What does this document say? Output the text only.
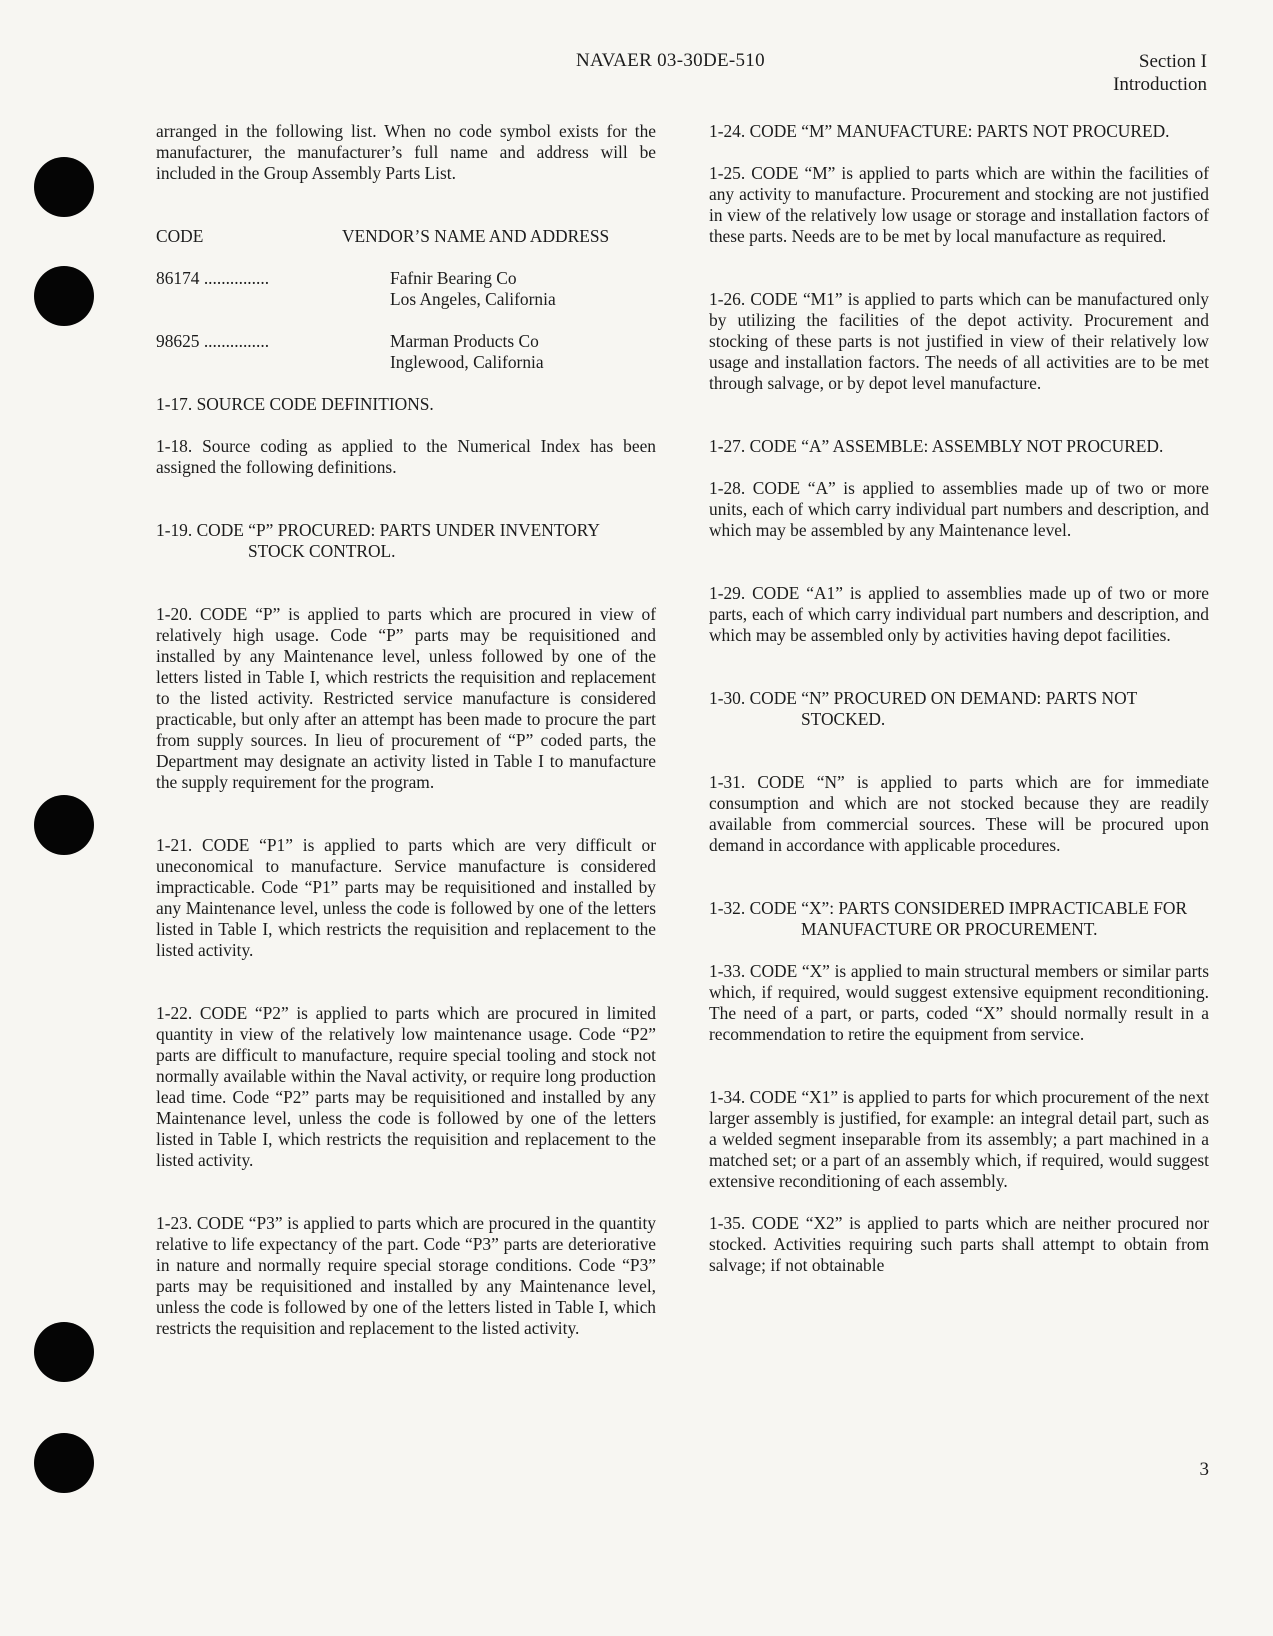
NAVAER 03-30DE-510	Section I
Introduction

arranged in the following list. When no code symbol exists for the manufacturer, the manufacturer’s full name and address will be included in the Group Assembly Parts List.

CODE	VENDOR’S NAME AND ADDRESS
86174 ...............	Fafnir Bearing Co
Los Angeles, California
98625 ...............	Marman Products Co
Inglewood, California

1-17. SOURCE CODE DEFINITIONS.

1-18. Source coding as applied to the Numerical Index has been assigned the following definitions.

1-19. CODE “P” PROCURED: PARTS UNDER INVENTORY STOCK CONTROL.

1-20. CODE “P” is applied to parts which are procured in view of relatively high usage. Code “P” parts may be requisitioned and installed by any Maintenance level, unless followed by one of the letters listed in Table I, which restricts the requisition and replacement to the listed activity. Restricted service manufacture is considered practicable, but only after an attempt has been made to procure the part from supply sources. In lieu of procurement of “P” coded parts, the Department may designate an activity listed in Table I to manufacture the supply requirement for the program.

1-21. CODE “P1” is applied to parts which are very difficult or uneconomical to manufacture. Service manufacture is considered impracticable. Code “P1” parts may be requisitioned and installed by any Maintenance level, unless the code is followed by one of the letters listed in Table I, which restricts the requisition and replacement to the listed activity.

1-22. CODE “P2” is applied to parts which are procured in limited quantity in view of the relatively low maintenance usage. Code “P2” parts are difficult to manufacture, require special tooling and stock not normally available within the Naval activity, or require long production lead time. Code “P2” parts may be requisitioned and installed by any Maintenance level, unless the code is followed by one of the letters listed in Table I, which restricts the requisition and replacement to the listed activity.

1-23. CODE “P3” is applied to parts which are procured in the quantity relative to life expectancy of the part. Code “P3” parts are deteriorative in nature and normally require special storage conditions. Code “P3” parts may be requisitioned and installed by any Maintenance level, unless the code is followed by one of the letters listed in Table I, which restricts the requisition and replacement to the listed activity.

1-24. CODE “M” MANUFACTURE: PARTS NOT PROCURED.

1-25. CODE “M” is applied to parts which are within the facilities of any activity to manufacture. Procurement and stocking are not justified in view of the relatively low usage or storage and installation factors of these parts. Needs are to be met by local manufacture as required.

1-26. CODE “M1” is applied to parts which can be manufactured only by utilizing the facilities of the depot activity. Procurement and stocking of these parts is not justified in view of their relatively low usage and installation factors. The needs of all activities are to be met through salvage, or by depot level manufacture.

1-27. CODE “A” ASSEMBLE: ASSEMBLY NOT PROCURED.

1-28. CODE “A” is applied to assemblies made up of two or more units, each of which carry individual part numbers and description, and which may be assembled by any Maintenance level.

1-29. CODE “A1” is applied to assemblies made up of two or more parts, each of which carry individual part numbers and description, and which may be assembled only by activities having depot facilities.

1-30. CODE “N” PROCURED ON DEMAND: PARTS NOT STOCKED.

1-31. CODE “N” is applied to parts which are for immediate consumption and which are not stocked because they are readily available from commercial sources. These will be procured upon demand in accordance with applicable procedures.

1-32. CODE “X”: PARTS CONSIDERED IMPRACTICABLE FOR MANUFACTURE OR PROCUREMENT.

1-33. CODE “X” is applied to main structural members or similar parts which, if required, would suggest extensive equipment reconditioning. The need of a part, or parts, coded “X” should normally result in a recommendation to retire the equipment from service.

1-34. CODE “X1” is applied to parts for which procurement of the next larger assembly is justified, for example: an integral detail part, such as a welded segment inseparable from its assembly; a part machined in a matched set; or a part of an assembly which, if required, would suggest extensive reconditioning of each assembly.

1-35. CODE “X2” is applied to parts which are neither procured nor stocked. Activities requiring such parts shall attempt to obtain from salvage; if not obtainable

3
